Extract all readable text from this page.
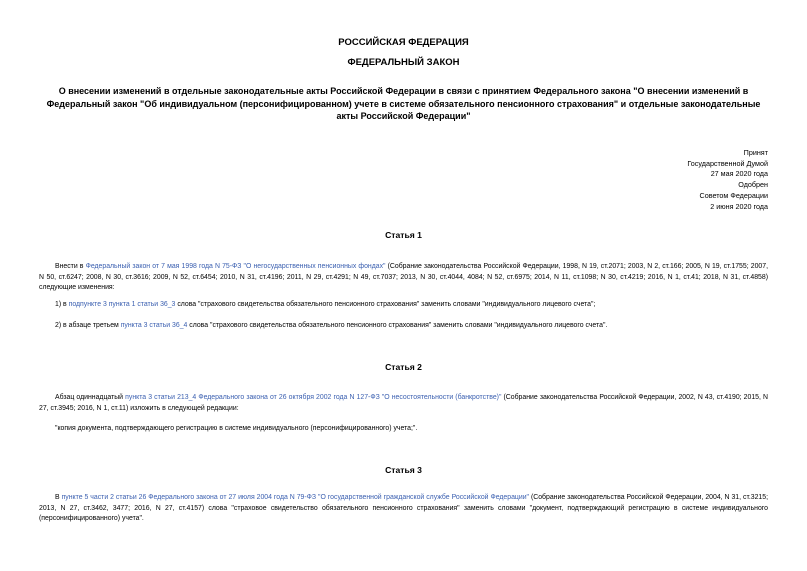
РОССИЙСКАЯ ФЕДЕРАЦИЯ
ФЕДЕРАЛЬНЫЙ ЗАКОН
О внесении изменений в отдельные законодательные акты Российской Федерации в связи с принятием Федерального закона "О внесении изменений в Федеральный закон "Об индивидуальном (персонифицированном) учете в системе обязательного пенсионного страхования" и отдельные законодательные акты Российской Федерации"
Принят
Государственной Думой
27 мая 2020 года
Одобрен
Советом Федерации
2 июня 2020 года
Статья 1
Внести в Федеральный закон от 7 мая 1998 года N 75-ФЗ "О негосударственных пенсионных фондах" (Собрание законодательства Российской Федерации, 1998, N 19, ст.2071; 2003, N 2, ст.166; 2005, N 19, ст.1755; 2007, N 50, ст.6247; 2008, N 30, ст.3616; 2009, N 52, ст.6454; 2010, N 31, ст.4196; 2011, N 29, ст.4291; N 49, ст.7037; 2013, N 30, ст.4044, 4084; N 52, ст.6975; 2014, N 11, ст.1098; N 30, ст.4219; 2016, N 1, ст.41; 2018, N 31, ст.4858) следующие изменения:
1) в подпункте 3 пункта 1 статьи 36_3 слова "страхового свидетельства обязательного пенсионного страхования" заменить словами "индивидуального лицевого счета";
2) в абзаце третьем пункта 3 статьи 36_4 слова "страхового свидетельства обязательного пенсионного страхования" заменить словами "индивидуального лицевого счета".
Статья 2
Абзац одиннадцатый пункта 3 статьи 213_4 Федерального закона от 26 октября 2002 года N 127-ФЗ "О несостоятельности (банкротстве)" (Собрание законодательства Российской Федерации, 2002, N 43, ст.4190; 2015, N 27, ст.3945; 2016, N 1, ст.11) изложить в следующей редакции:
"копия документа, подтверждающего регистрацию в системе индивидуального (персонифицированного) учета;".
Статья 3
В пункте 5 части 2 статьи 26 Федерального закона от 27 июля 2004 года N 79-ФЗ "О государственной гражданской службе Российской Федерации" (Собрание законодательства Российской Федерации, 2004, N 31, ст.3215; 2013, N 27, ст.3462, 3477; 2016, N 27, ст.4157) слова "страховое свидетельство обязательного пенсионного страхования" заменить словами "документ, подтверждающий регистрацию в системе индивидуального (персонифицированного) учета".
